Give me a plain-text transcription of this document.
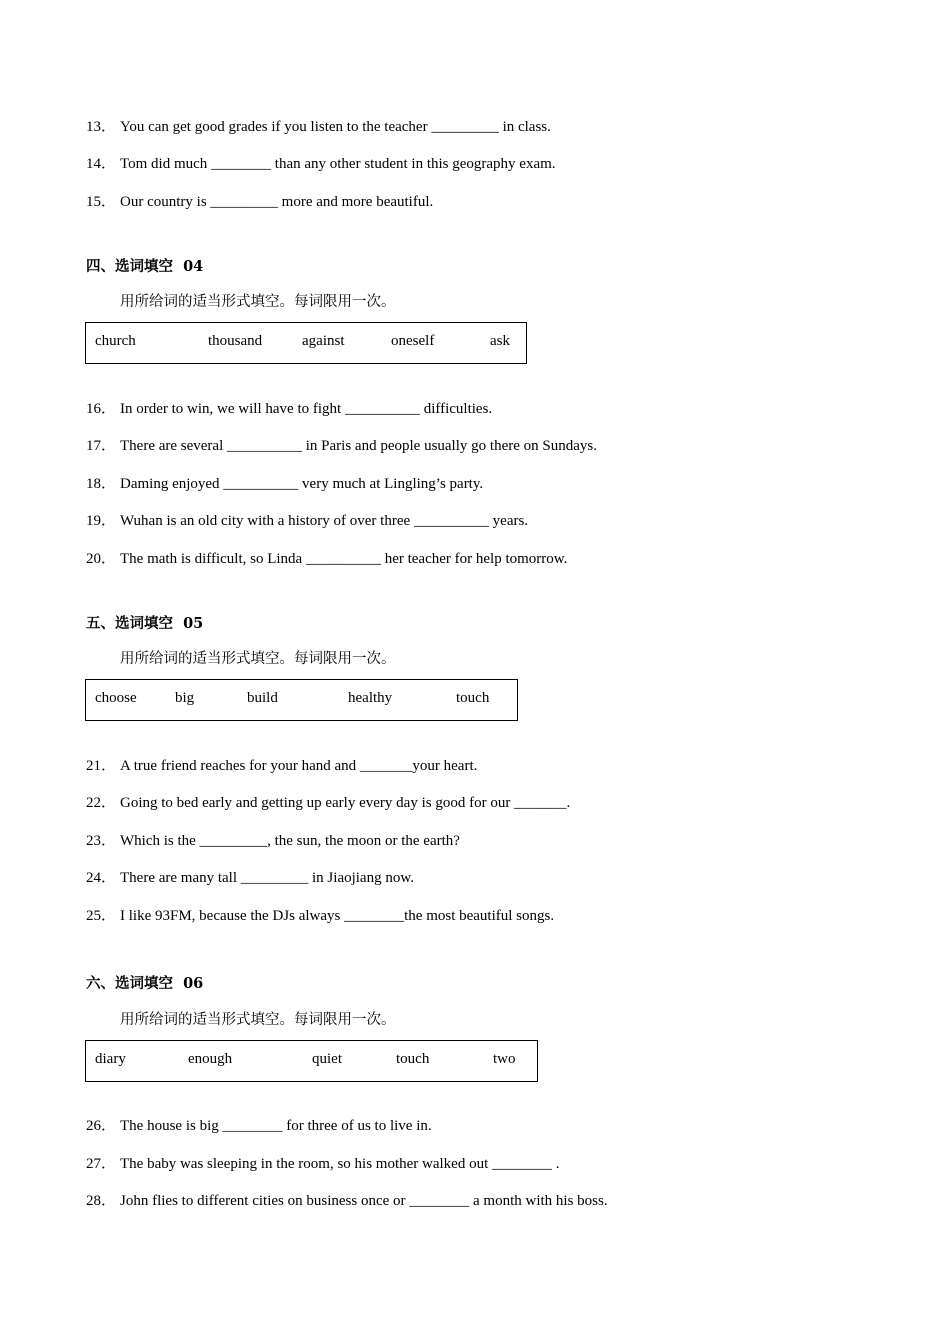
13． You can get good grades if you listen to the teacher _________ in class.
14． Tom did much ________ than any other student in this geography exam.
15． Our country is _________ more and more beautiful.
四、选词填空  04
用所给词的适当形式填空。每词限用一次。
church	thousand	against	oneself	ask
16． In order to win, we will have to fight __________ difficulties.
17． There are several __________ in Paris and people usually go there on Sundays.
18． Daming enjoyed __________ very much at Lingling’s party.
19． Wuhan is an old city with a history of over three __________ years.
20． The math is difficult, so Linda __________ her teacher for help tomorrow.
五、选词填空  05
用所给词的适当形式填空。每词限用一次。
choose	big	build	healthy	touch
21． A true friend reaches for your hand and _______your heart.
22． Going to bed early and getting up early every day is good for our _______.
23． Which is the _________, the sun, the moon or the earth?
24． There are many tall _________ in Jiaojiang now.
25． I like 93FM, because the DJs always ________the most beautiful songs.
六、选词填空  06
用所给词的适当形式填空。每词限用一次。
diary	enough	quiet	touch	two
26． The house is big ________ for three of us to live in.
27． The baby was sleeping in the room, so his mother walked out ________ .
28． John flies to different cities on business once or ________ a month with his boss.
